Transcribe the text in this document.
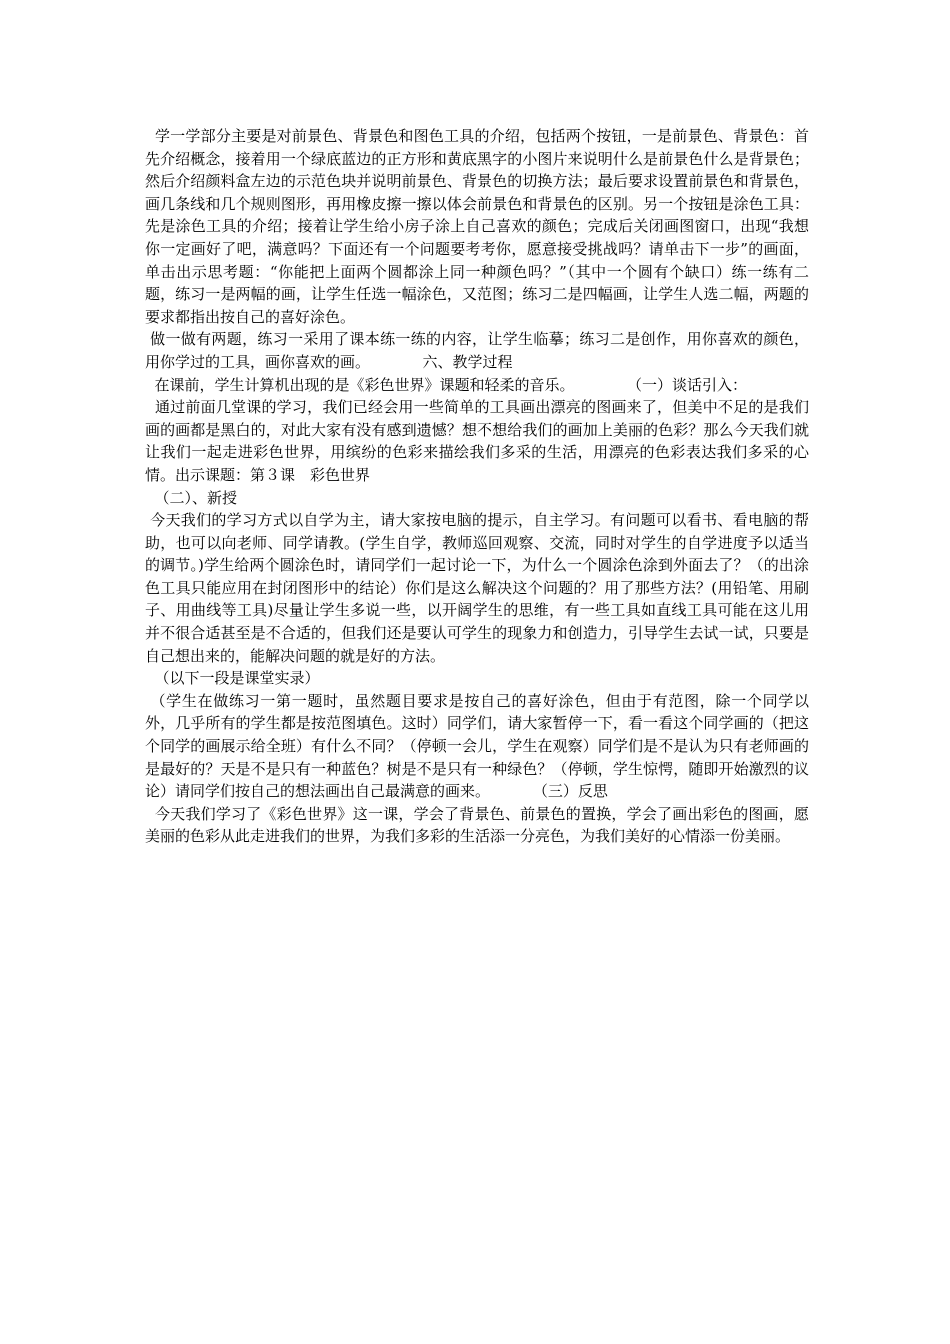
学一学部分主要是对前景色、背景色和图色工具的介绍，包括两个按钮，一是前景色、背景色：首先介绍概念，接着用一个绿底蓝边的正方形和黄底黑字的小图片来说明什么是前景色什么是背景色；然后介绍颜料盒左边的示范色块并说明前景色、背景色的切换方法；最后要求设置前景色和背景色，画几条线和几个规则图形，再用橡皮擦一擦以体会前景色和背景色的区别。另一个按钮是涂色工具：先是涂色工具的介绍；接着让学生给小房子涂上自己喜欢的颜色；完成后关闭画图窗口，出现“我想你一定画好了吧，满意吗？下面还有一个问题要考考你，愿意接受挑战吗？请单击下一步”的画面，单击出示思考题：“你能把上面两个圆都涂上同一种颜色吗？”（其中一个圆有个缺口）练一练有二题，练习一是两幅的画，让学生任选一幅涂色，又范图；练习二是四幅画，让学生人选二幅，两题的要求都指出按自己的喜好涂色。

做一做有两题，练习一采用了课本练一练的内容，让学生临摹；练习二是创作，用你喜欢的颜色，用你学过的工具，画你喜欢的画。           六、教学过程

在课前，学生计算机出现的是《彩色世界》课题和轻柔的音乐。           （一）谈话引入：

通过前面几堂课的学习，我们已经会用一些简单的工具画出漂亮的图画来了，但美中不足的是我们画的画都是黑白的，对此大家有没有感到遗憾？想不想给我们的画加上美丽的色彩？那么今天我们就让我们一起走进彩色世界，用缤纷的色彩来描绘我们多采的生活，用漂亮的色彩表达我们多采的心情。出示课题：第３课　彩色世界

（二）、新授

今天我们的学习方式以自学为主，请大家按电脑的提示，自主学习。有问题可以看书、看电脑的帮助，也可以向老师、同学请教。(学生自学，教师巡回观察、交流，同时对学生的自学进度予以适当的调节。)学生给两个圆涂色时，请同学们一起讨论一下，为什么一个圆涂色涂到外面去了？（的出涂色工具只能应用在封闭图形中的结论）你们是这么解决这个问题的？用了那些方法？(用铅笔、用刷子、用曲线等工具)尽量让学生多说一些，以开阔学生的思维，有一些工具如直线工具可能在这儿用并不很合适甚至是不合适的，但我们还是要认可学生的现象力和创造力，引导学生去试一试，只要是自己想出来的，能解决问题的就是好的方法。

（以下一段是课堂实录）

（学生在做练习一第一题时，虽然题目要求是按自己的喜好涂色，但由于有范图，除一个同学以外，几乎所有的学生都是按范图填色。这时）同学们，请大家暂停一下，看一看这个同学画的（把这个同学的画展示给全班）有什么不同？（停顿一会儿，学生在观察）同学们是不是认为只有老师画的是最好的？天是不是只有一种蓝色？树是不是只有一种绿色？（停顿，学生惊愕，随即开始激烈的议论）请同学们按自己的想法画出自己最满意的画来。         （三）反思

今天我们学习了《彩色世界》这一课，学会了背景色、前景色的置换，学会了画出彩色的图画，愿美丽的色彩从此走进我们的世界，为我们多彩的生活添一分亮色，为我们美好的心情添一份美丽。
